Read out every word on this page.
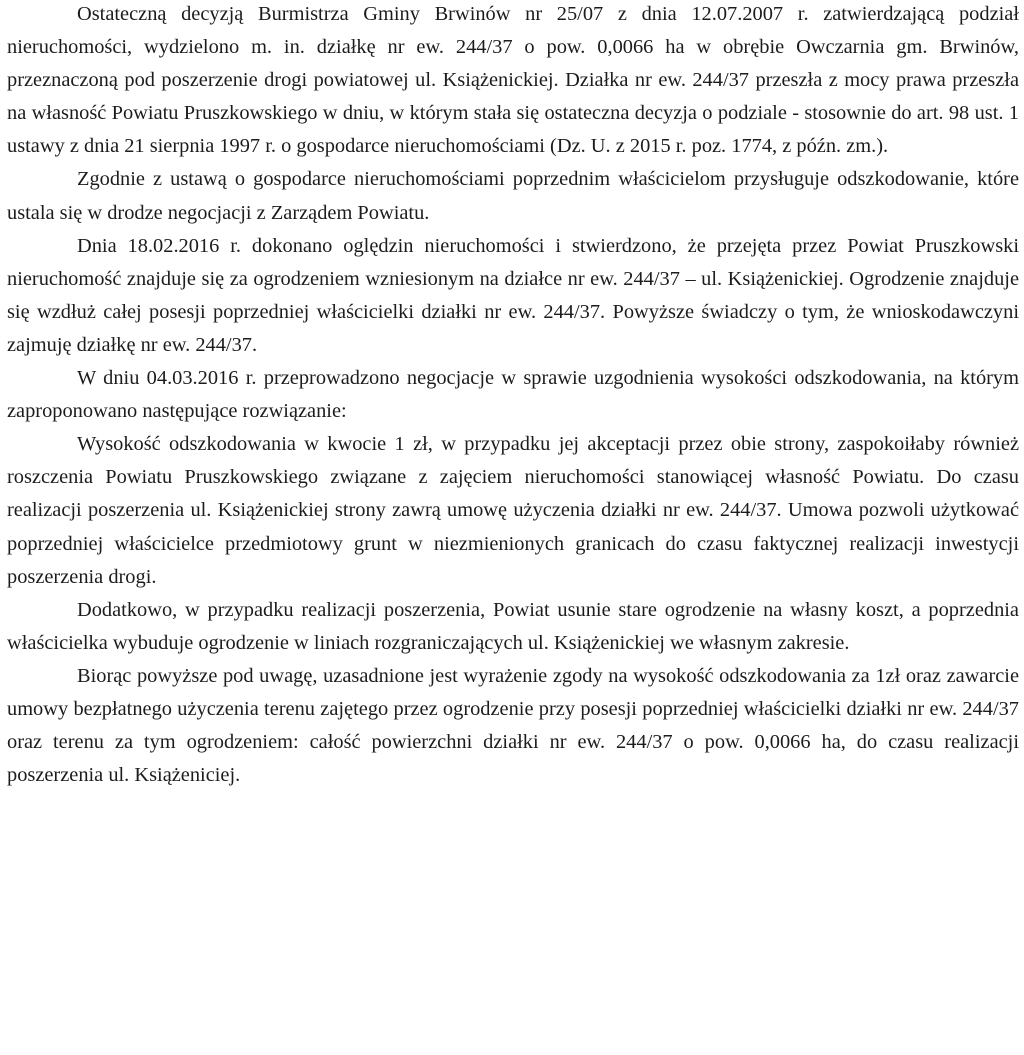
Ostateczną decyzją Burmistrza Gminy Brwinów nr 25/07 z dnia 12.07.2007 r. zatwierdzającą podział nieruchomości, wydzielono m. in. działkę nr ew. 244/37 o pow. 0,0066 ha w obrębie Owczarnia gm. Brwinów, przeznaczoną pod poszerzenie drogi powiatowej ul. Książenickiej. Działka nr ew. 244/37 przeszła z mocy prawa przeszła na własność Powiatu Pruszkowskiego w dniu, w którym stała się ostateczna decyzja o podziale - stosownie do art. 98 ust. 1 ustawy z dnia 21 sierpnia 1997 r. o gospodarce nieruchomościami (Dz. U. z 2015 r. poz. 1774, z późn. zm.).

Zgodnie z ustawą o gospodarce nieruchomościami poprzednim właścicielom przysługuje odszkodowanie, które ustala się w drodze negocjacji z Zarządem Powiatu.

Dnia 18.02.2016 r. dokonano oględzin nieruchomości i stwierdzono, że przejęta przez Powiat Pruszkowski nieruchomość znajduje się za ogrodzeniem wzniesionym na działce nr ew. 244/37 – ul. Książenickiej. Ogrodzenie znajduje się wzdłuż całej posesji poprzedniej właścicielki działki nr ew. 244/37. Powyższe świadczy o tym, że wnioskodawczyni zajmuję działkę nr ew. 244/37.

W dniu 04.03.2016 r. przeprowadzono negocjacje w sprawie uzgodnienia wysokości odszkodowania, na którym zaproponowano następujące rozwiązanie:

Wysokość odszkodowania w kwocie 1 zł, w przypadku jej akceptacji przez obie strony, zaspokoiłaby również roszczenia Powiatu Pruszkowskiego związane z zajęciem nieruchomości stanowiącej własność Powiatu. Do czasu realizacji poszerzenia ul. Książenickiej strony zawrą umowę użyczenia działki nr ew. 244/37. Umowa pozwoli użytkować poprzedniej właścicielce przedmiotowy grunt w niezmienionych granicach do czasu faktycznej realizacji inwestycji poszerzenia drogi.

Dodatkowo, w przypadku realizacji poszerzenia, Powiat usunie stare ogrodzenie na własny koszt, a poprzednia właścicielka wybuduje ogrodzenie w liniach rozgraniczających ul. Książenickiej we własnym zakresie.

Biorąc powyższe pod uwagę, uzasadnione jest wyrażenie zgody na wysokość odszkodowania za 1zł oraz zawarcie umowy bezpłatnego użyczenia terenu zajętego przez ogrodzenie przy posesji poprzedniej właścicielki działki nr ew. 244/37 oraz terenu za tym ogrodzeniem: całość powierzchni działki nr ew. 244/37 o pow. 0,0066 ha, do czasu realizacji poszerzenia ul. Książeniciej.
